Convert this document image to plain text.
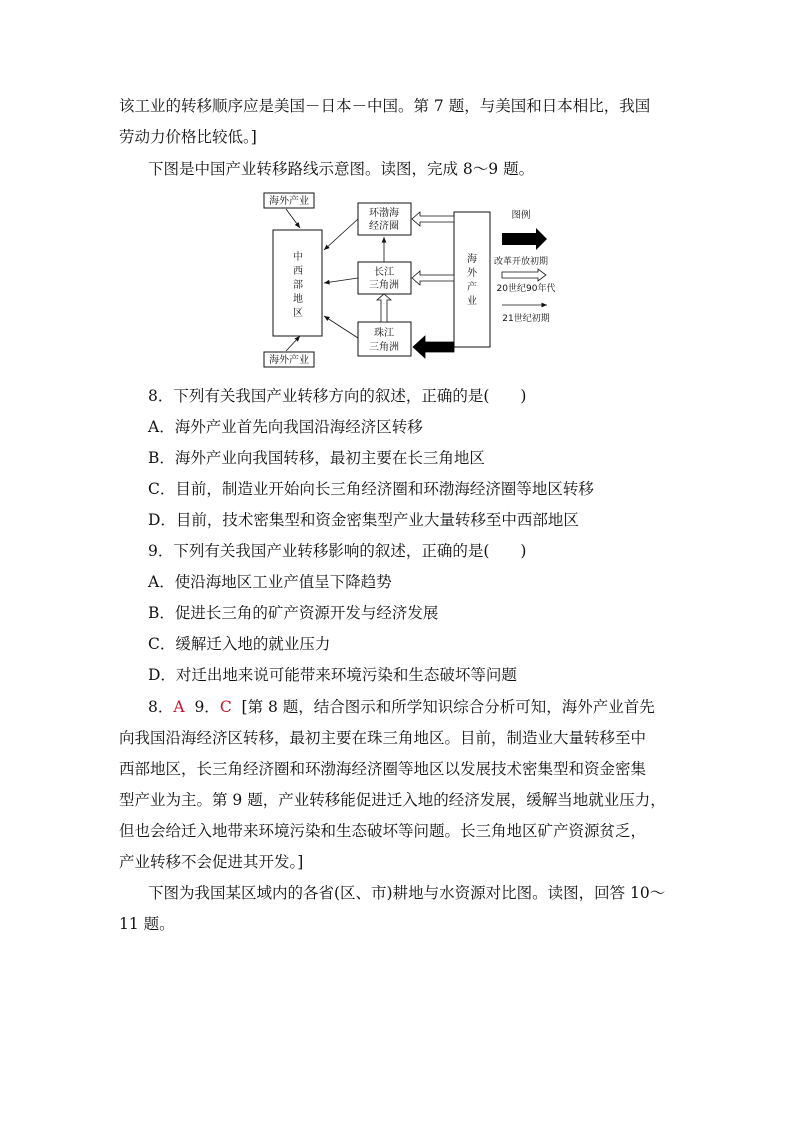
该工业的转移顺序应是美国－日本－中国。第 7 题，与美国和日本相比，我国
劳动力价格比较低。]
下图是中国产业转移路线示意图。读图，完成 8～9 题。
海外产业
海外产业
中
西
部
地
区
环渤海
经济圈
长江
三角洲
珠江
三角洲
海
外
产
业
图例
改革开放初期
20世纪90年代
21世纪初期
8．下列有关我国产业转移方向的叙述，正确的是(　　)
A．海外产业首先向我国沿海经济区转移
B．海外产业向我国转移，最初主要在长三角地区
C．目前，制造业开始向长三角经济圈和环渤海经济圈等地区转移
D．目前，技术密集型和资金密集型产业大量转移至中西部地区
9．下列有关我国产业转移影响的叙述，正确的是(　　)
A．使沿海地区工业产值呈下降趋势
B．促进长三角的矿产资源开发与经济发展
C．缓解迁入地的就业压力
D．对迁出地来说可能带来环境污染和生态破坏等问题
8．A 9．C [第 8 题，结合图示和所学知识综合分析可知，海外产业首先
向我国沿海经济区转移，最初主要在珠三角地区。目前，制造业大量转移至中
西部地区，长三角经济圈和环渤海经济圈等地区以发展技术密集型和资金密集
型产业为主。第 9 题，产业转移能促进迁入地的经济发展，缓解当地就业压力，
但也会给迁入地带来环境污染和生态破坏等问题。长三角地区矿产资源贫乏，
产业转移不会促进其开发。]
下图为我国某区域内的各省(区、市)耕地与水资源对比图。读图，回答 10～
11 题。
